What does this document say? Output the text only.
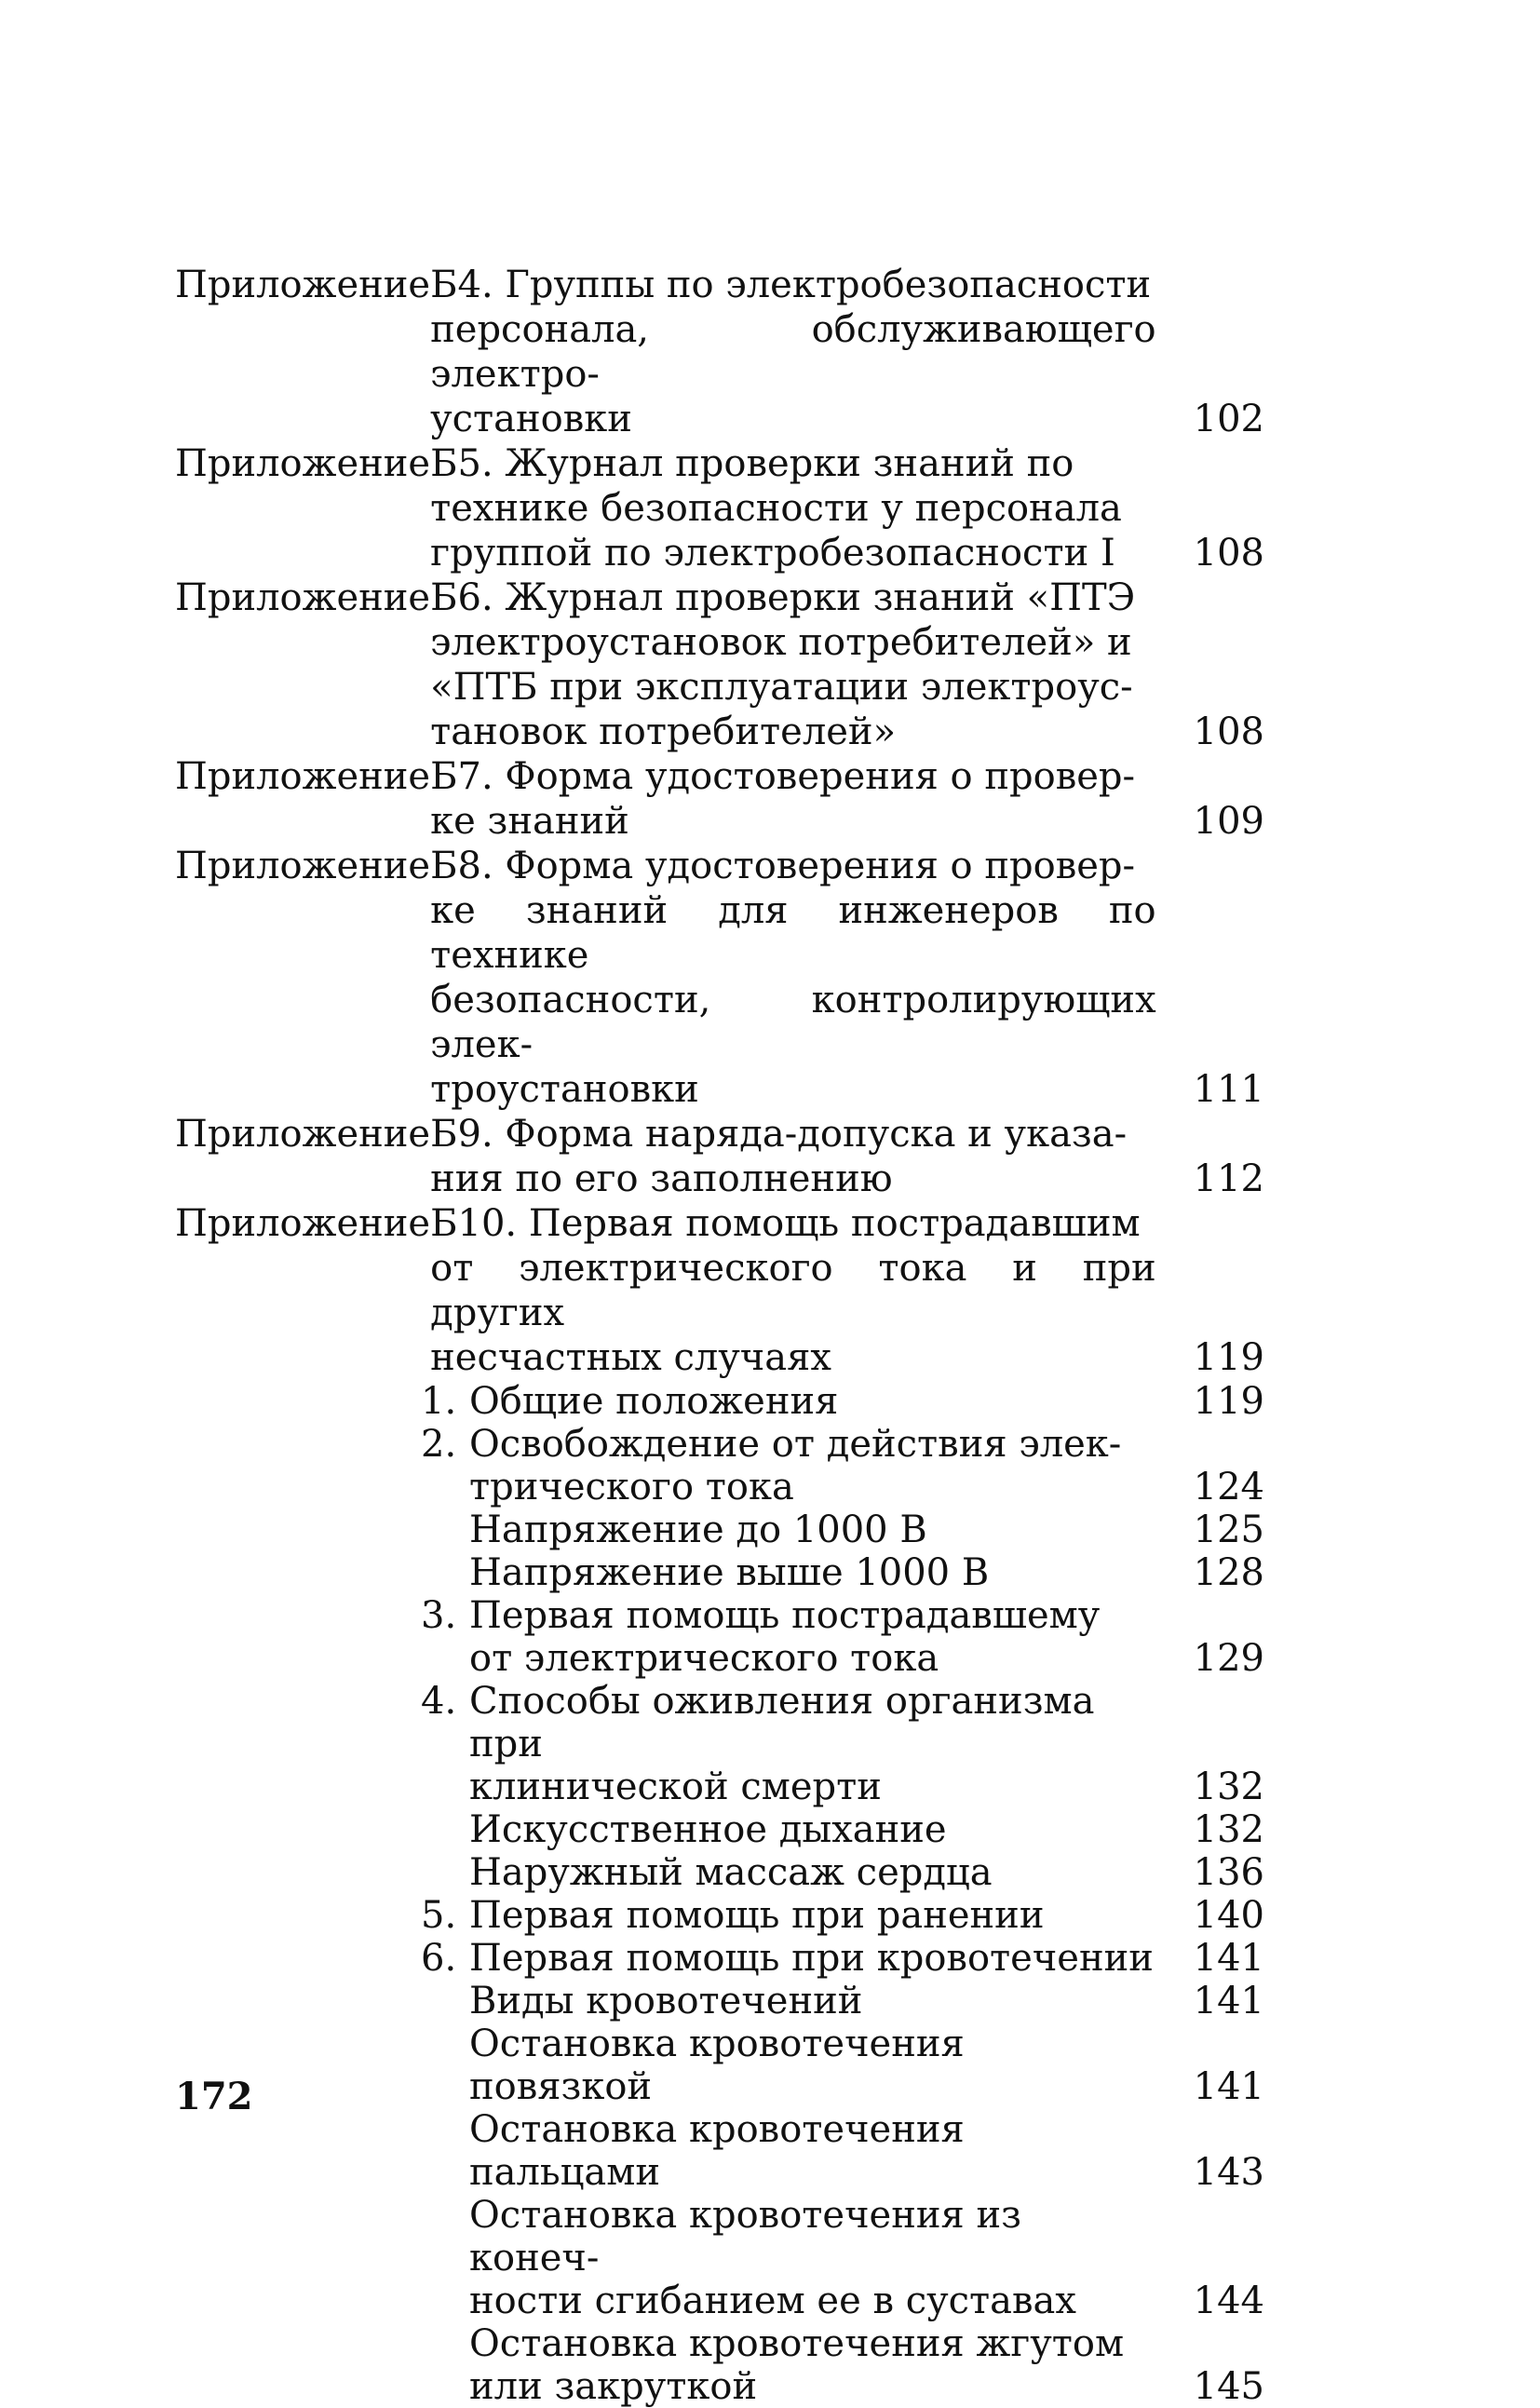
Приложение Б4. Группы по электробезопасности
персонала, обслуживающего электро-
установки	102
Приложение Б5. Журнал проверки знаний по
технике безопасности у персонала
группой по электробезопасности I	108
Приложение Б6. Журнал проверки знаний «ПТЭ
электроустановок потребителей» и
«ПТБ при эксплуатации электроус-
тановок потребителей»	108
Приложение Б7. Форма удостоверения о провер-
ке знаний	109
Приложение Б8. Форма удостоверения о провер-
ке знаний для инженеров по технике
безопасности, контролирующих элек-
троустановки	111
Приложение Б9. Форма наряда-допуска и указа-
ния по его заполнению	112
Приложение Б10. Первая помощь пострадавшим
от электрического тока и при других
несчастных случаях	119
1. Общие положения	119
2. Освобождение от действия элек-
трического тока	124
Напряжение до 1000 В	125
Напряжение выше 1000 В	128
3. Первая помощь пострадавшему
от электрического тока	129
4. Способы оживления организма при
клинической смерти	132
Искусственное дыхание	132
Наружный массаж сердца	136
5. Первая помощь при ранении	140
6. Первая помощь при кровотечении	141
Виды кровотечений	141
Остановка кровотечения повязкой	141
Остановка кровотечения пальцами	143
Остановка кровотечения из конеч-
ности сгибанием ее в суставах	144
Остановка кровотечения жгутом
или закруткой	145
172
